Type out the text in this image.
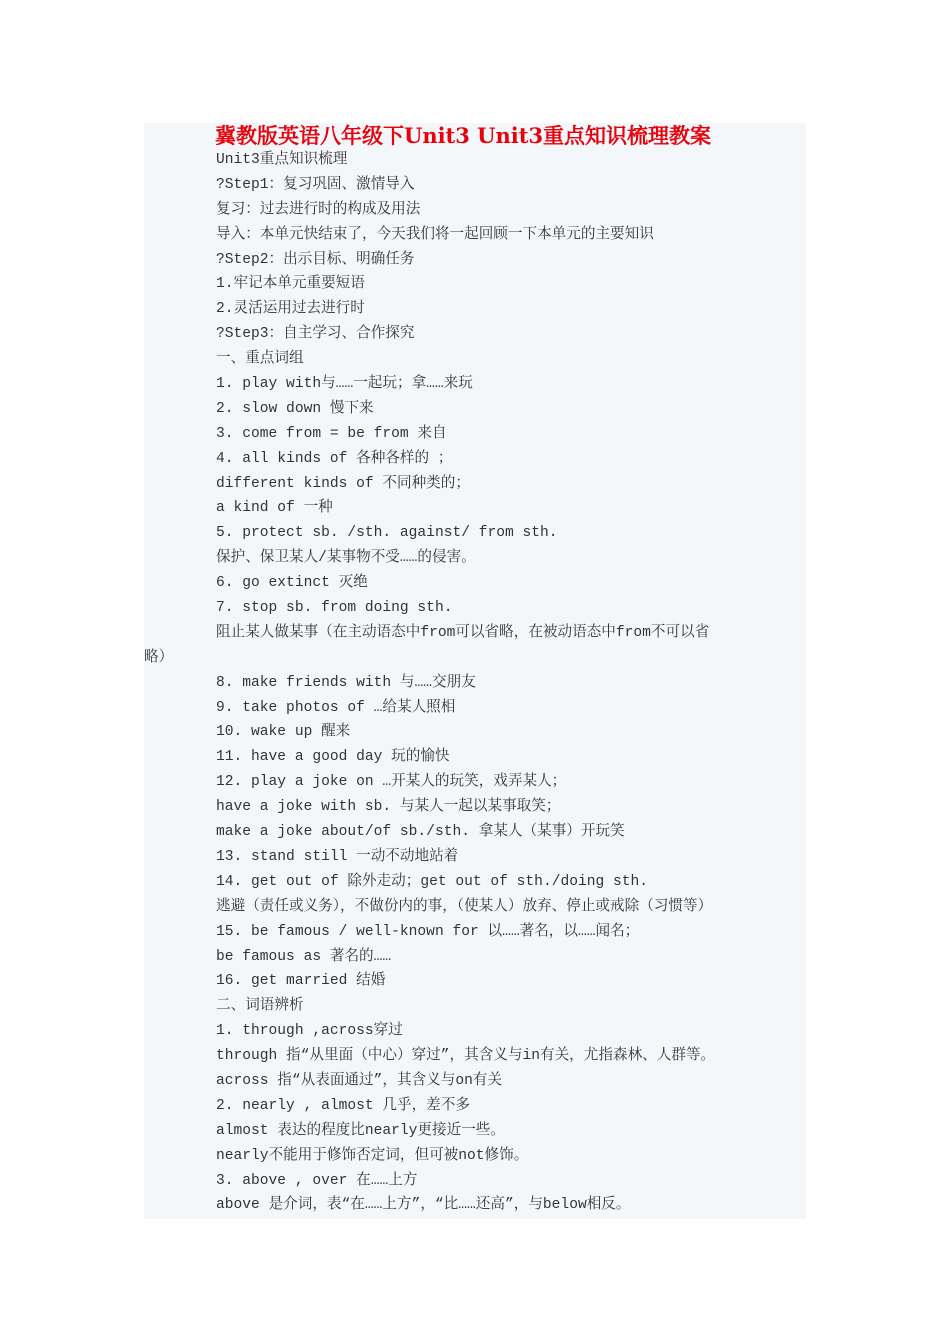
冀教版英语八年级下Unit3 Unit3重点知识梳理教案
Unit3重点知识梳理
?Step1：复习巩固、激情导入
复习：过去进行时的构成及用法
导入：本单元快结束了，今天我们将一起回顾一下本单元的主要知识
?Step2：出示目标、明确任务
1.牢记本单元重要短语
2.灵活运用过去进行时
?Step3：自主学习、合作探究
一、重点词组
1. play with与……一起玩；拿……来玩
2. slow down 慢下来
3. come from = be from 来自
4. all kinds of 各种各样的 ；
different kinds of 不同种类的；
a kind of 一种
5. protect sb. /sth. against/ from sth.
保护、保卫某人/某事物不受……的侵害。
6. go extinct 灭绝
7. stop sb. from doing sth.
阻止某人做某事（在主动语态中from可以省略，在被动语态中from不可以省
略）
8. make friends with 与……交朋友
9. take photos of …给某人照相
10. wake up 醒来
11. have a good day 玩的愉快
12. play a joke on …开某人的玩笑，戏弄某人；
have a joke with sb. 与某人一起以某事取笑；
make a joke about/of sb./sth. 拿某人（某事）开玩笑
13. stand still 一动不动地站着
14. get out of 除外走动；get out of sth./doing sth.
逃避（责任或义务），不做份内的事，（使某人）放弃、停止或戒除（习惯等）
15. be famous / well-known for 以……著名，以……闻名；
be famous as 著名的……
16. get married 结婚
二、词语辨析
1. through ,across穿过
through 指“从里面（中心）穿过”，其含义与in有关，尤指森林、人群等。
across 指“从表面通过”，其含义与on有关
2. nearly , almost 几乎，差不多
almost 表达的程度比nearly更接近一些。
nearly不能用于修饰否定词，但可被not修饰。
3. above , over 在……上方
above 是介词，表“在……上方”，“比……还高”，与below相反。
